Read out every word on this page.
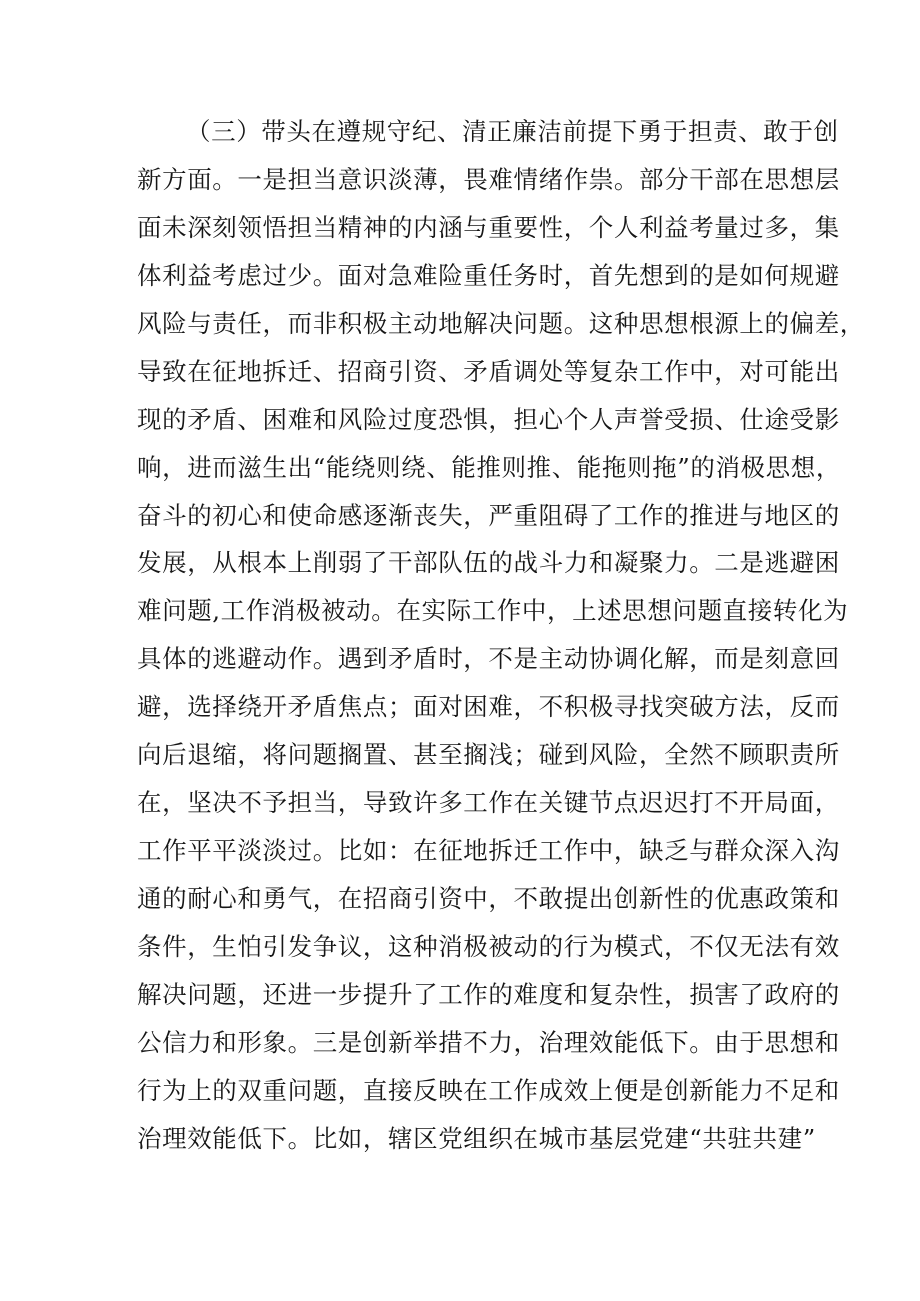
（三）带头在遵规守纪、清正廉洁前提下勇于担责、敢于创
新方面。一是担当意识淡薄，畏难情绪作祟。部分干部在思想层
面未深刻领悟担当精神的内涵与重要性，个人利益考量过多，集
体利益考虑过少。面对急难险重任务时，首先想到的是如何规避
风险与责任，而非积极主动地解决问题。这种思想根源上的偏差，
导致在征地拆迁、招商引资、矛盾调处等复杂工作中，对可能出
现的矛盾、困难和风险过度恐惧，担心个人声誉受损、仕途受影
响，进而滋生出“能绕则绕、能推则推、能拖则拖”的消极思想，
奋斗的初心和使命感逐渐丧失，严重阻碍了工作的推进与地区的
发展，从根本上削弱了干部队伍的战斗力和凝聚力。二是逃避困
难问题,工作消极被动。在实际工作中，上述思想问题直接转化为
具体的逃避动作。遇到矛盾时，不是主动协调化解，而是刻意回
避，选择绕开矛盾焦点；面对困难，不积极寻找突破方法，反而
向后退缩，将问题搁置、甚至搁浅；碰到风险，全然不顾职责所
在，坚决不予担当，导致许多工作在关键节点迟迟打不开局面，
工作平平淡淡过。比如：在征地拆迁工作中，缺乏与群众深入沟
通的耐心和勇气，在招商引资中，不敢提出创新性的优惠政策和
条件，生怕引发争议，这种消极被动的行为模式，不仅无法有效
解决问题，还进一步提升了工作的难度和复杂性，损害了政府的
公信力和形象。三是创新举措不力，治理效能低下。由于思想和
行为上的双重问题，直接反映在工作成效上便是创新能力不足和
治理效能低下。比如，辖区党组织在城市基层党建“共驻共建”
